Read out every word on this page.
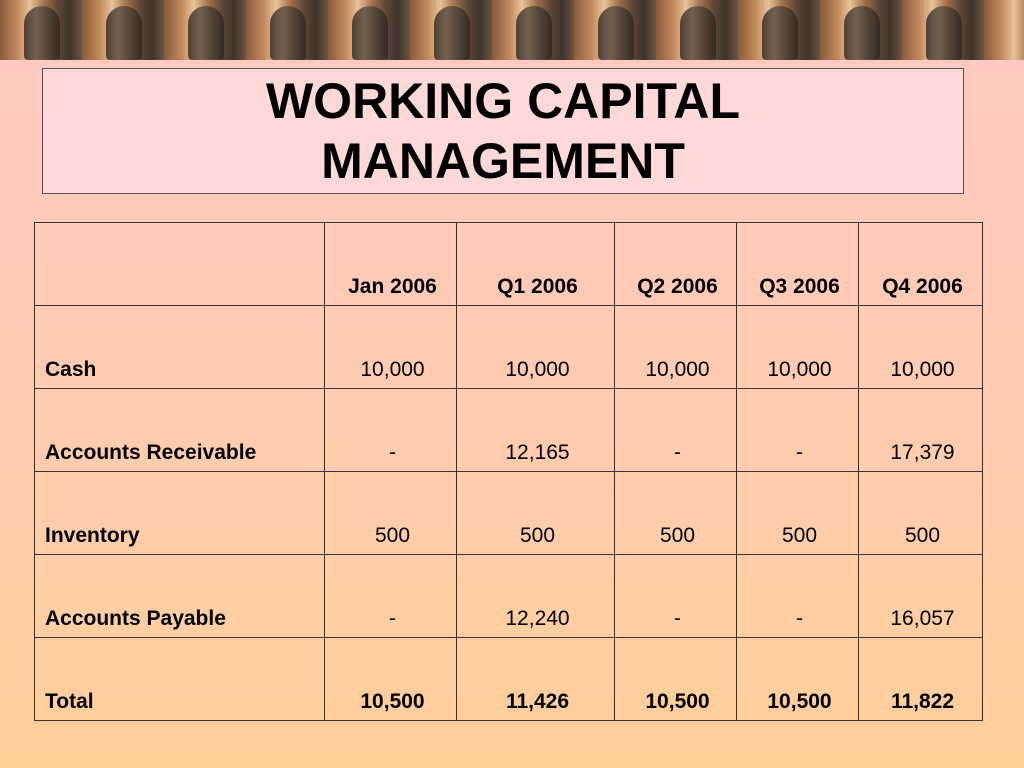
WORKING CAPITAL MANAGEMENT
	Jan 2006	Q1 2006	Q2 2006	Q3 2006	Q4 2006
Cash	10,000	10,000	10,000	10,000	10,000
Accounts Receivable	-	12,165	-	-	17,379
Inventory	500	500	500	500	500
Accounts Payable	-	12,240	-	-	16,057
Total	10,500	11,426	10,500	10,500	11,822
